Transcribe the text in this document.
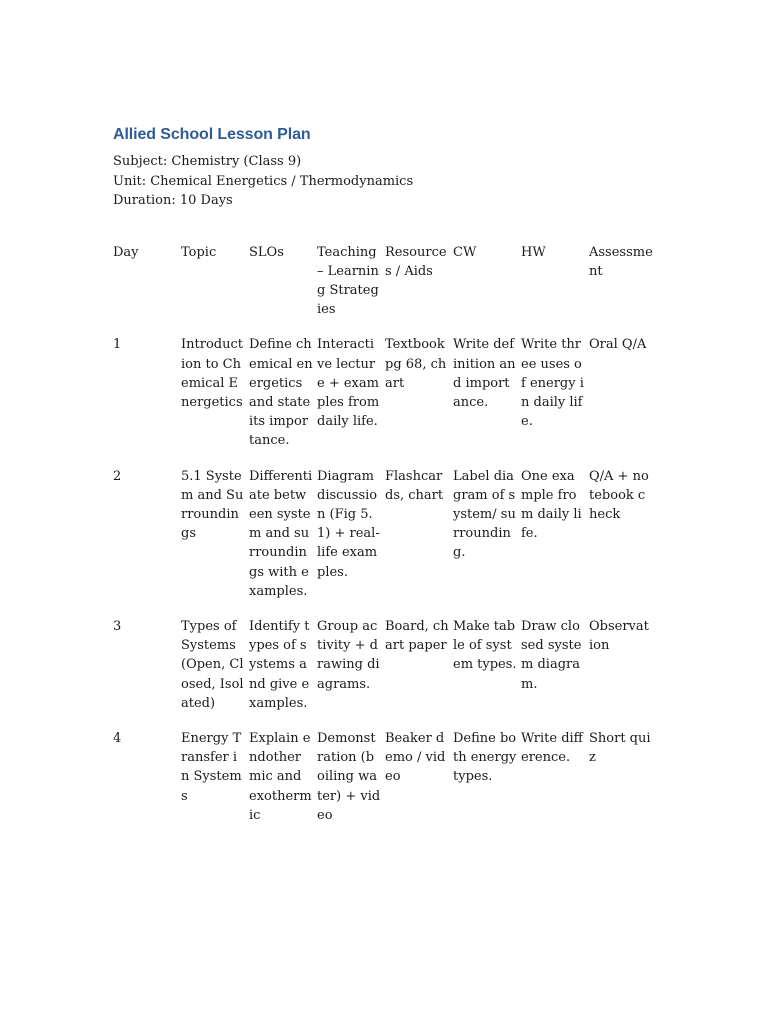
Allied School Lesson Plan

Subject: Chemistry (Class 9)

Unit: Chemical Energetics / Thermodynamics

Duration: 10 Days

Day	Topic	SLOs	Teaching – Learning Strategies	Resources / Aids	CW	HW	Assessment
1	Introduction to Chemical Energetics	Define chemical energetics and state its importance.	Interactive lecture + examples from daily life.	Textbook pg 68, chart	Write definition and importance.	Write three uses of energy in daily life.	Oral Q/A
2	5.1 System and Surroundings	Differentiate between system and surroundings with examples.	Diagram discussion (Fig 5.1) + real-life examples.	Flashcards, chart	Label diagram of system/ surrounding.	One example from daily life.	Q/A + notebook check
3	Types of Systems (Open, Closed, Isolated)	Identify types of systems and give examples.	Group activity + drawing diagrams.	Board, chart paper	Make table of system types.	Draw closed system diagram.	Observation
4	Energy Transfer in Systems	Explain endothermic and exothermic	Demonstration (boiling water) + video	Beaker demo / video	Define both energy types.	Write difference.	Short quiz
